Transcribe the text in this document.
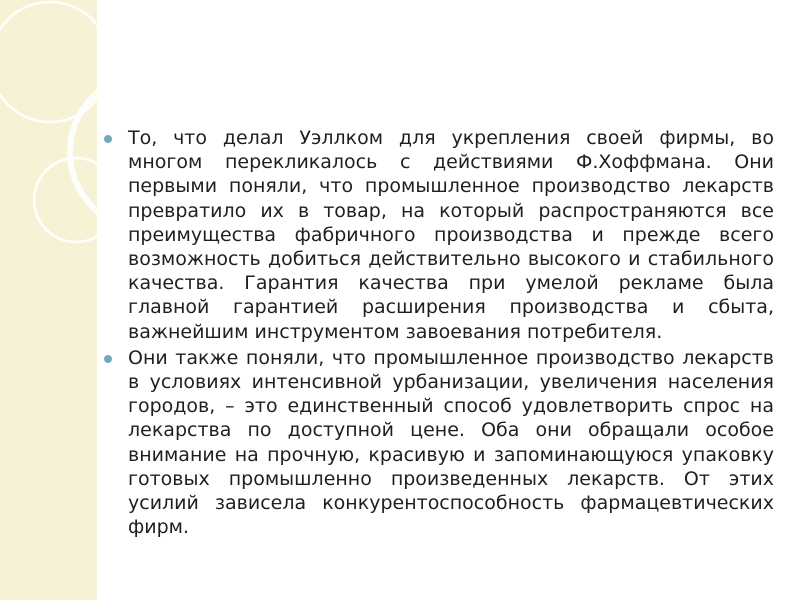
То, что делал Уэллком для укрепления своей фирмы, во многом перекликалось с действиями Ф.Хоффмана. Они первыми поняли, что промышленное производство лекарств превратило их в товар, на который распространяются все преимущества фабричного производства и прежде всего возможность добиться действительно высокого и стабильного качества. Гарантия качества при умелой рекламе была главной гарантией расширения производства и сбыта, важнейшим инструментом завоевания потребителя.
Они также поняли, что промышленное производство лекарств в условиях интенсивной урбанизации, увеличения населения городов, – это единственный способ удовлетворить спрос на лекарства по доступной цене. Оба они обращали особое внимание на прочную, красивую и запоминающуюся упаковку готовых промышленно произведенных лекарств. От этих усилий зависела конкурентоспособность фармацевтических фирм.
